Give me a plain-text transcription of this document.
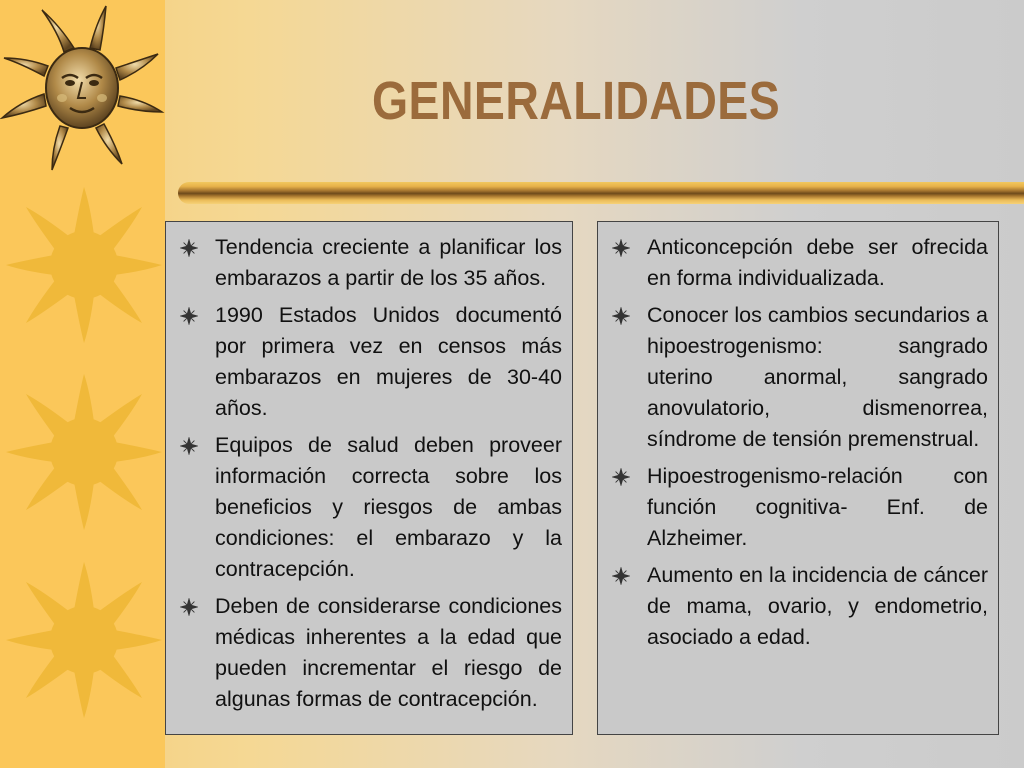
GENERALIDADES
Tendencia creciente a planificar los embarazos a partir de los 35 años.
1990 Estados Unidos documentó por primera vez en censos más embarazos en mujeres de 30-40 años.
Equipos de salud deben proveer información correcta sobre los beneficios y riesgos de ambas condiciones: el embarazo y la contracepción.
Deben de considerarse condiciones médicas inherentes a la edad que pueden incrementar el riesgo de algunas formas de contracepción.
Anticoncepción debe ser ofrecida en forma individualizada.
Conocer los cambios secundarios a hipoestrogenismo: sangrado uterino anormal, sangrado anovulatorio, dismenorrea, síndrome de tensión premenstrual.
Hipoestrogenismo-relación con función cognitiva- Enf. de Alzheimer.
Aumento en la incidencia de cáncer de mama, ovario, y endometrio, asociado a edad.
